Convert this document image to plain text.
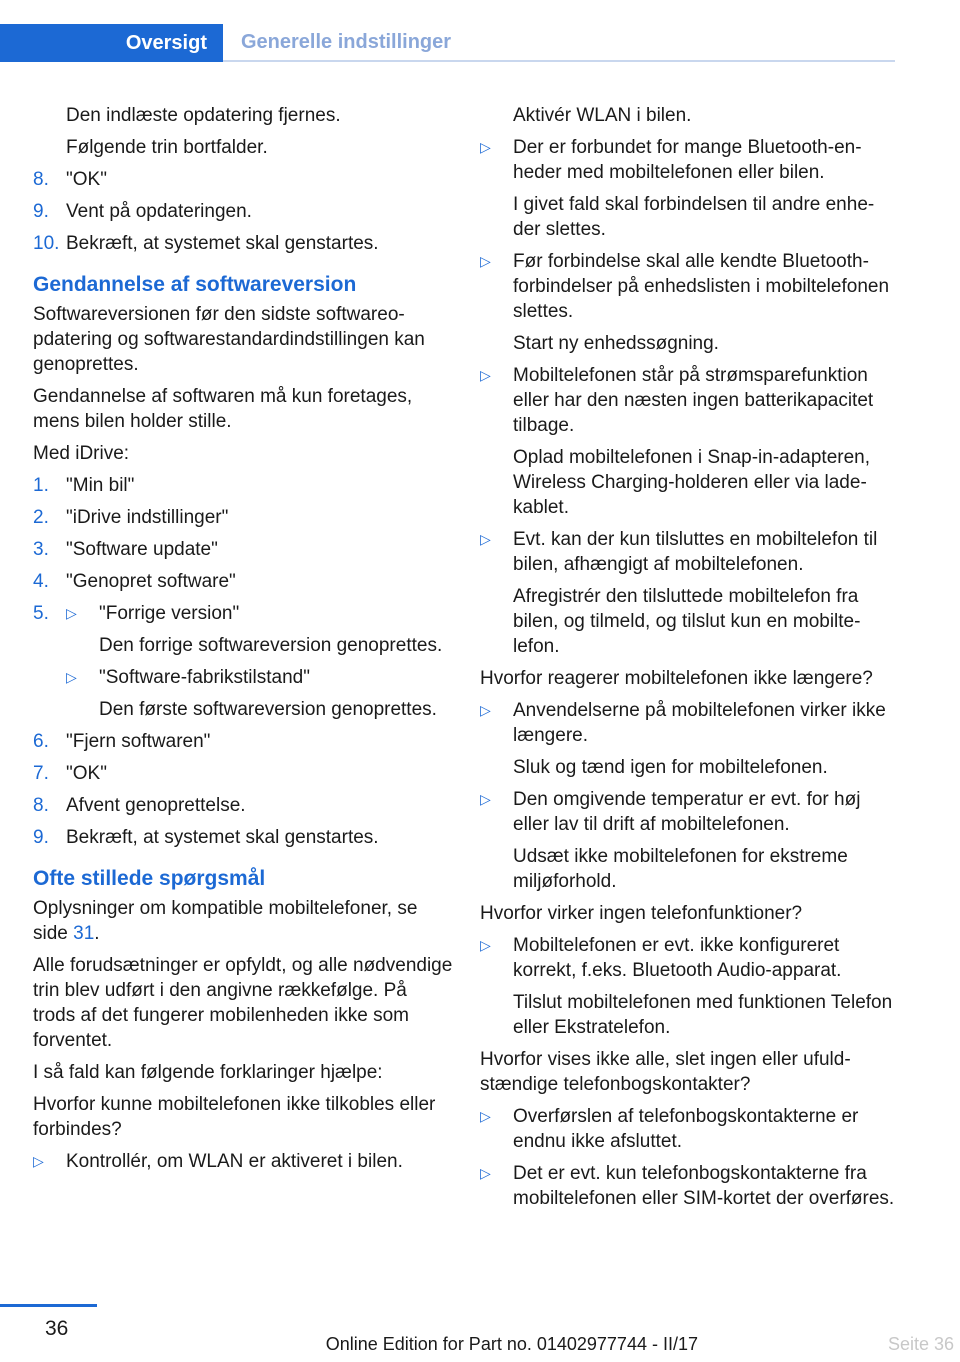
Oversigt	Generelle indstillinger

Den indlæste opdatering fjernes.

Følgende trin bortfalder.

8. "OK"
9. Vent på opdateringen.
10. Bekræft, at systemet skal genstartes.
Gendannelse af softwareversion

Softwareversionen før den sidste softwareopdatering og softwarestandardindstillingen kan genoprettes.

Gendannelse af softwaren må kun foretages, mens bilen holder stille.

Med iDrive:

1. "Min bil"
2. "iDrive indstillinger"
3. "Software update"
4. "Genopret software"
5.	▷	"Forrige version"

Den forrige softwareversion genoprettes.

▷	"Software-fabrikstilstand"

Den første softwareversion genoprettes.

6. "Fjern softwaren"
7. "OK"
8. Afvent genoprettelse.
9. Bekræft, at systemet skal genstartes.
Ofte stillede spørgsmål

Oplysninger om kompatible mobiltelefoner, se side 31.

Alle forudsætninger er opfyldt, og alle nødvendige trin blev udført i den angivne rækkefølge. På trods af det fungerer mobilenheden ikke som forventet.

I så fald kan følgende forklaringer hjælpe:

Hvorfor kunne mobiltelefonen ikke tilkobles eller forbindes?

▷	Kontrollér, om WLAN er aktiveret i bilen.

Aktivér WLAN i bilen.

▷	Der er forbundet for mange Bluetooth-enheder med mobiltelefonen eller bilen.

I givet fald skal forbindelsen til andre enheder slettes.

▷	Før forbindelse skal alle kendte Bluetooth-forbindelser på enhedslisten i mobiltelefonen slettes.

Start ny enhedssøgning.

▷	Mobiltelefonen står på strømsparefunktion eller har den næsten ingen batterikapacitet tilbage.

Oplad mobiltelefonen i Snap-in-adapteren, Wireless Charging-holderen eller via ladekablet.

▷	Evt. kan der kun tilsluttes en mobiltelefon til bilen, afhængigt af mobiltelefonen.

Afregistrér den tilsluttede mobiltelefon fra bilen, og tilmeld, og tilslut kun en mobiltelefon.

Hvorfor reagerer mobiltelefonen ikke længere?

▷	Anvendelserne på mobiltelefonen virker ikke længere.

Sluk og tænd igen for mobiltelefonen.

▷	Den omgivende temperatur er evt. for høj eller lav til drift af mobiltelefonen.

Udsæt ikke mobiltelefonen for ekstreme miljøforhold.

Hvorfor virker ingen telefonfunktioner?

▷	Mobiltelefonen er evt. ikke konfigureret korrekt, f.eks. Bluetooth Audio-apparat.

Tilslut mobiltelefonen med funktionen Telefon eller Ekstratelefon.

Hvorfor vises ikke alle, slet ingen eller ufuldstændige telefonbogskontakter?

▷	Overførslen af telefonbogskontakterne er endnu ikke afsluttet.
▷	Det er evt. kun telefonbogskontakterne fra mobiltelefonen eller SIM-kortet der overføres.
36
Online Edition for Part no. 01402977744 - II/17	Seite 36
